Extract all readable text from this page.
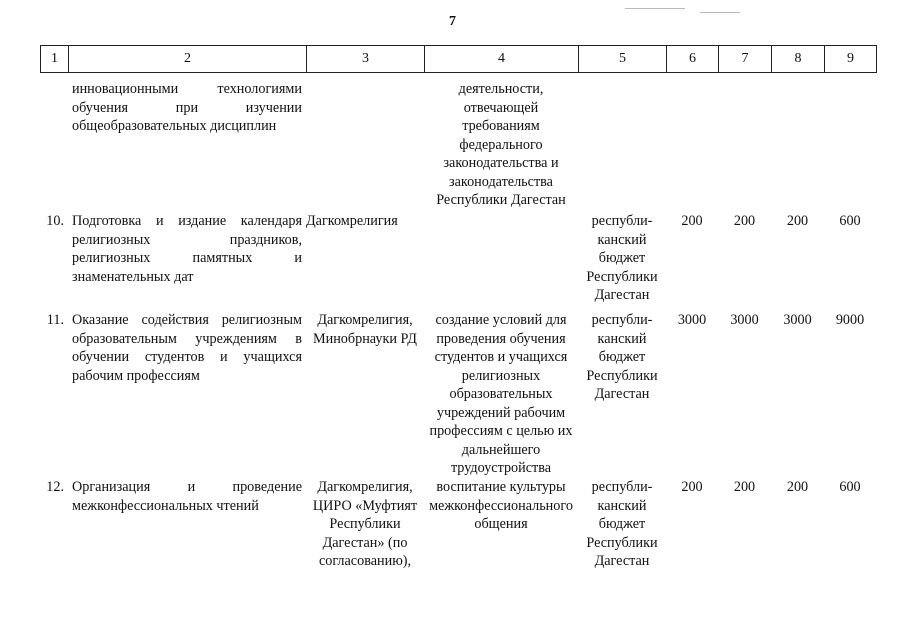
7
1	2	3	4	5	6	7	8	9
	инновационными технологиями обучения при изучении общеобразовательных дисциплин		деятельности, отвечающей требованиям федерального законодательства и законодательства Республики Дагестан					
10.	Подготовка и издание календаря религиозных праздников, религиозных памятных и знаменательных дат	Дагкомрелигия		республи-канский бюджет Республики Дагестан	200	200	200	600
11.	Оказание содействия религиозным образовательным учреждениям в обучении студентов и учащихся рабочим профессиям	Дагкомрелигия, Минобрнауки РД	создание условий для проведения обучения студентов и учащихся религиозных образовательных учреждений рабочим профессиям с целью их дальнейшего трудоустройства	республи-канский бюджет Республики Дагестан	3000	3000	3000	9000
12.	Организация и проведение межконфессиональных чтений	Дагкомрелигия, ЦИРО «Муфтият Республики Дагестан» (по согласованию),	воспитание культуры межконфессионального общения	республи-канский бюджет Республики Дагестан	200	200	200	600
